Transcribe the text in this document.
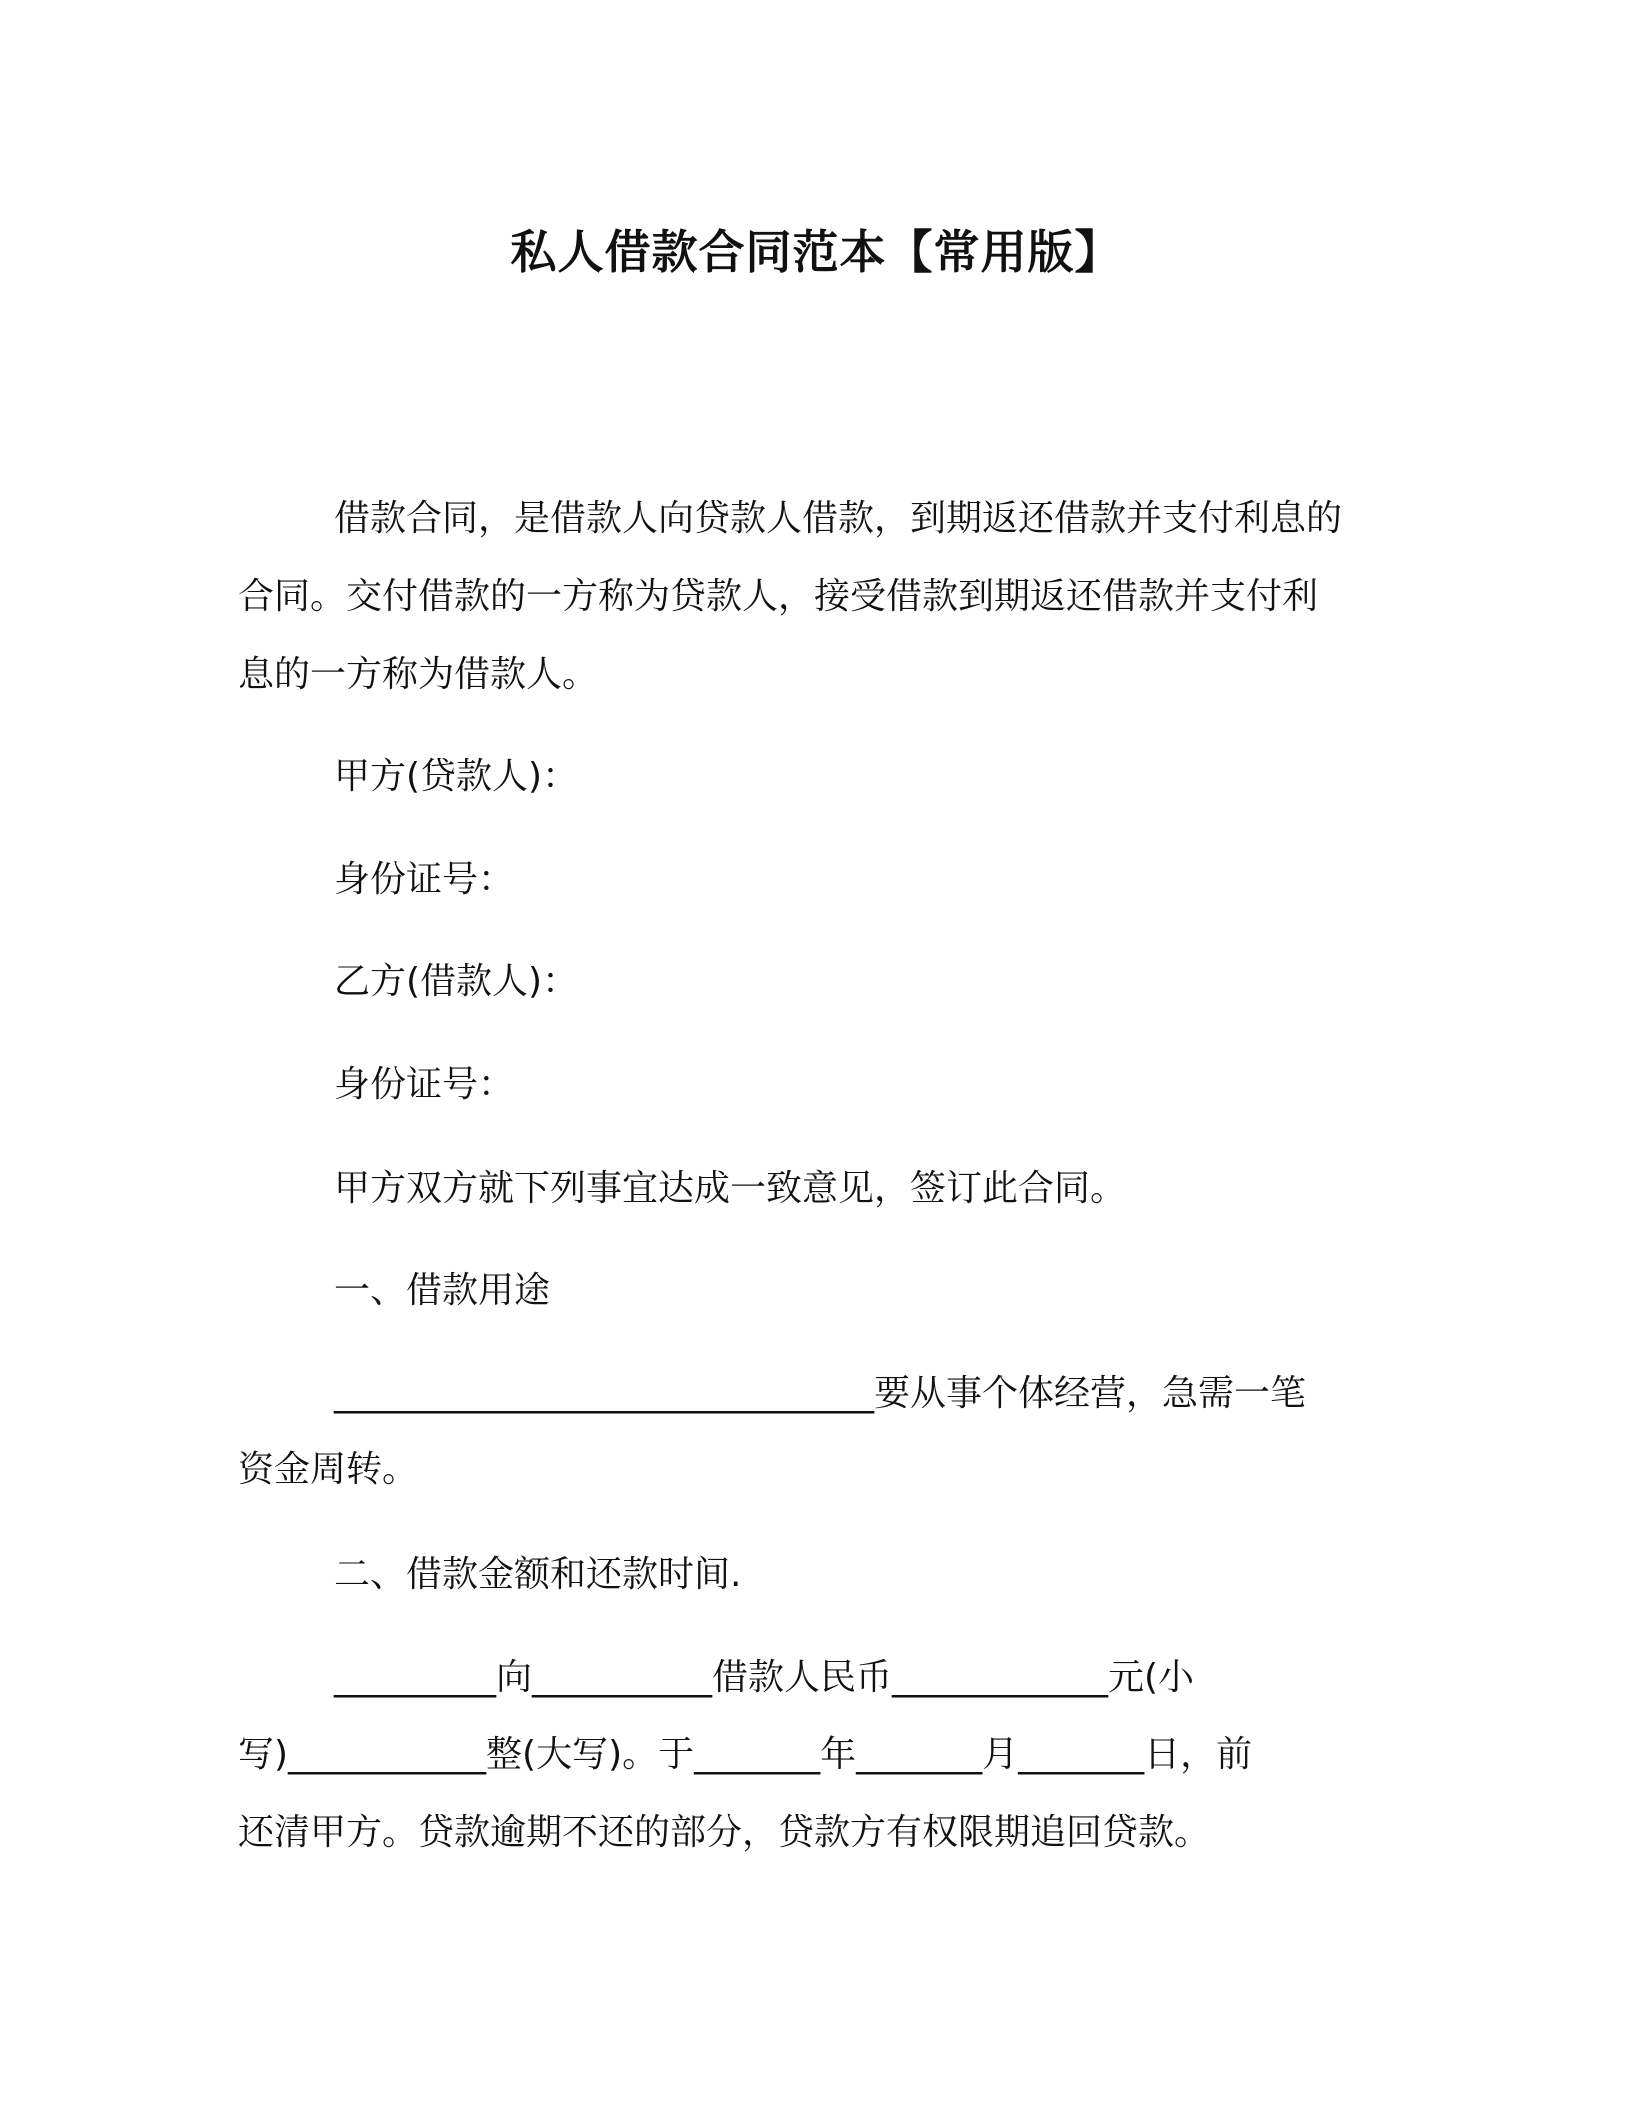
私人借款合同范本【常用版】
借款合同，是借款人向贷款人借款，到期返还借款并支付利息的
合同。交付借款的一方称为贷款人，接受借款到期返还借款并支付利
息的一方称为借款人。
甲方(贷款人)：
身份证号：
乙方(借款人)：
身份证号：
甲方双方就下列事宜达成一致意见，签订此合同。
一、借款用途
______________________________要从事个体经营，急需一笔
资金周转。
二、借款金额和还款时间.
_________向__________借款人民币____________元(小
写)___________整(大写)。于_______年_______月_______日，前
还清甲方。贷款逾期不还的部分，贷款方有权限期追回贷款。
